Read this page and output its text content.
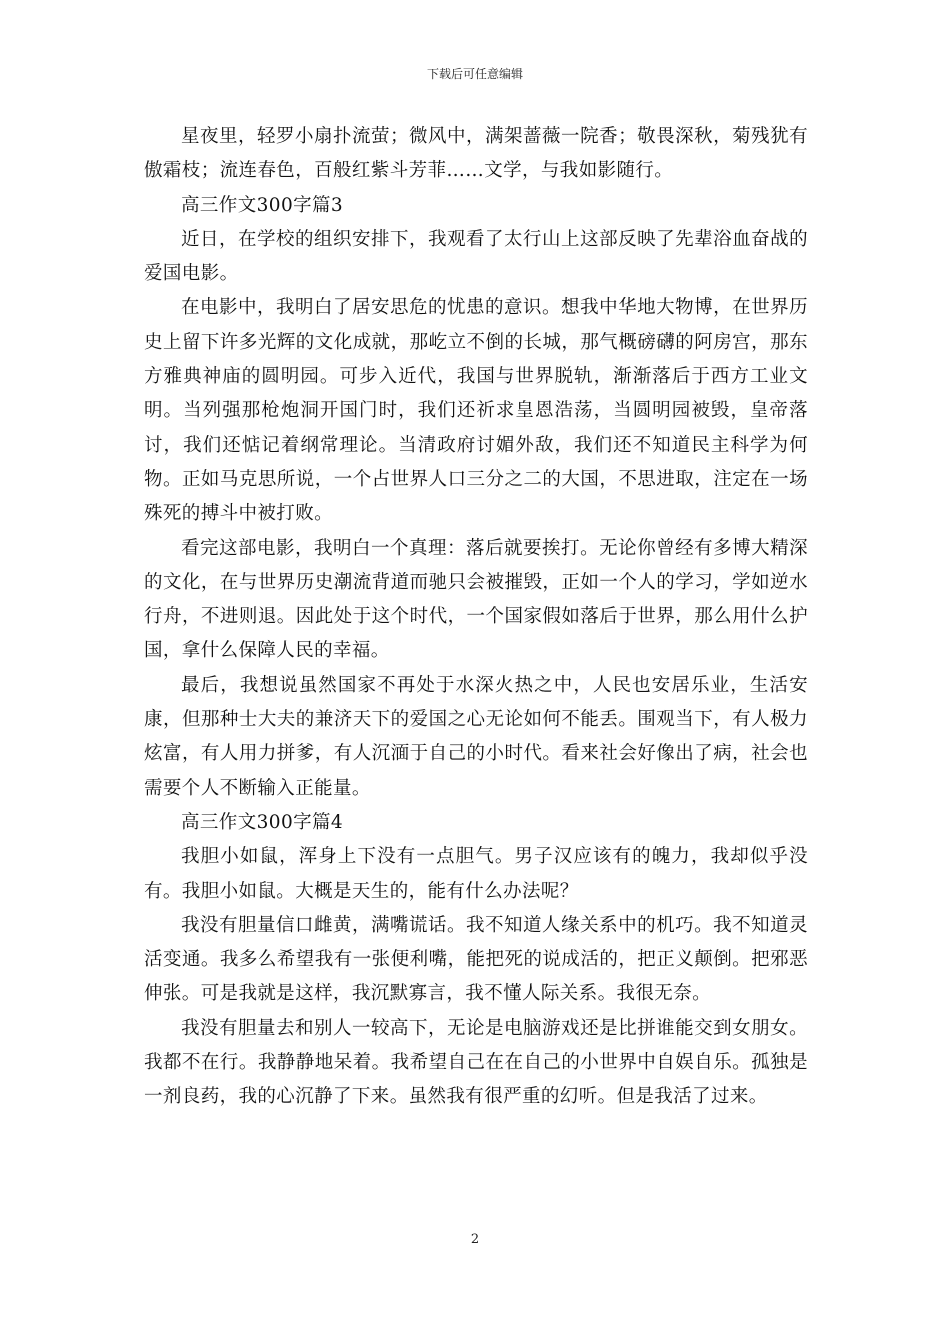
下载后可任意编辑

星夜里，轻罗小扇扑流萤；微风中，满架蔷薇一院香；敬畏深秋，菊残犹有傲霜枝；流连春色，百般红紫斗芳菲……文学，与我如影随行。

高三作文300字篇3

近日，在学校的组织安排下，我观看了太行山上这部反映了先辈浴血奋战的爱国电影。

在电影中，我明白了居安思危的忧患的意识。想我中华地大物博，在世界历史上留下许多光辉的文化成就，那屹立不倒的长城，那气概磅礴的阿房宫，那东方雅典神庙的圆明园。可步入近代，我国与世界脱轨，渐渐落后于西方工业文明。当列强那枪炮洞开国门时，我们还祈求皇恩浩荡，当圆明园被毁，皇帝落讨，我们还惦记着纲常理论。当清政府讨媚外敌，我们还不知道民主科学为何物。正如马克思所说，一个占世界人口三分之二的大国，不思进取，注定在一场殊死的搏斗中被打败。

看完这部电影，我明白一个真理：落后就要挨打。无论你曾经有多博大精深的文化，在与世界历史潮流背道而驰只会被摧毁，正如一个人的学习，学如逆水行舟，不进则退。因此处于这个时代，一个国家假如落后于世界，那么用什么护国，拿什么保障人民的幸福。

最后，我想说虽然国家不再处于水深火热之中，人民也安居乐业，生活安康，但那种士大夫的兼济天下的爱国之心无论如何不能丢。围观当下，有人极力炫富，有人用力拼爹，有人沉湎于自己的小时代。看来社会好像出了病，社会也需要个人不断输入正能量。

高三作文300字篇4

我胆小如鼠，浑身上下没有一点胆气。男子汉应该有的魄力，我却似乎没有。我胆小如鼠。大概是天生的，能有什么办法呢？

我没有胆量信口雌黄，满嘴谎话。我不知道人缘关系中的机巧。我不知道灵活变通。我多么希望我有一张便利嘴，能把死的说成活的，把正义颠倒。把邪恶伸张。可是我就是这样，我沉默寡言，我不懂人际关系。我很无奈。

我没有胆量去和别人一较高下，无论是电脑游戏还是比拼谁能交到女朋女。我都不在行。我静静地呆着。我希望自己在在自己的小世界中自娱自乐。孤独是一剂良药，我的心沉静了下来。虽然我有很严重的幻听。但是我活了过来。

2
